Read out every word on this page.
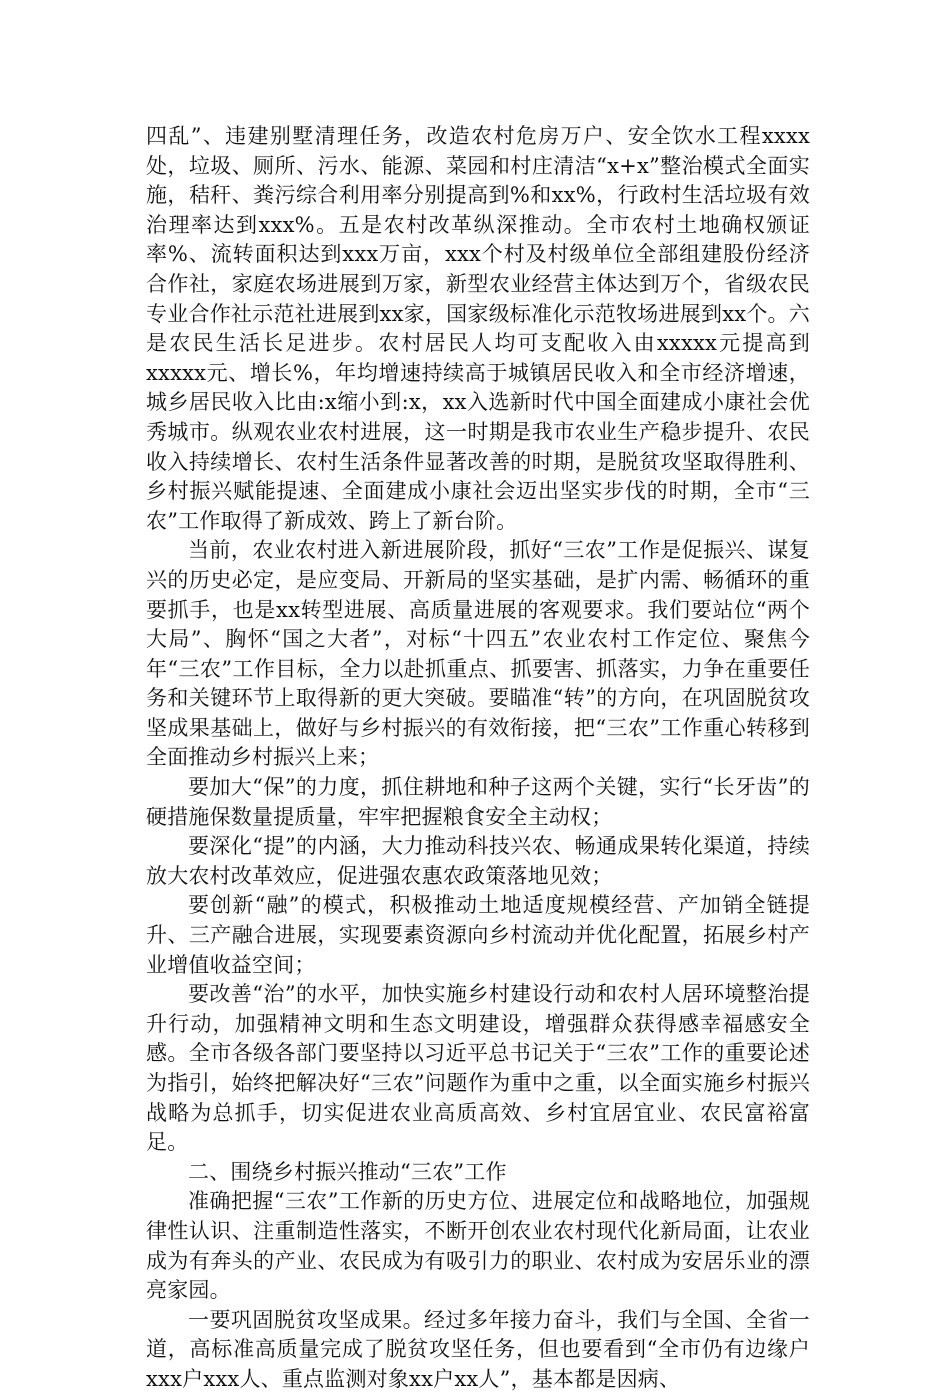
四乱”、违建别墅清理任务，改造农村危房万户、安全饮水工程xxxx处，垃圾、厕所、污水、能源、菜园和村庄清洁“x+x”整治模式全面实施，秸秆、粪污综合利用率分别提高到%和xx%，行政村生活垃圾有效治理率达到xxx%。五是农村改革纵深推动。全市农村土地确权颁证率%、流转面积达到xxx万亩，xxx个村及村级单位全部组建股份经济合作社，家庭农场进展到万家，新型农业经营主体达到万个，省级农民专业合作社示范社进展到xx家，国家级标准化示范牧场进展到xx个。六是农民生活长足进步。农村居民人均可支配收入由xxxxx元提高到xxxxx元、增长%，年均增速持续高于城镇居民收入和全市经济增速，城乡居民收入比由:x缩小到:x，xx入选新时代中国全面建成小康社会优秀城市。纵观农业农村进展，这一时期是我市农业生产稳步提升、农民收入持续增长、农村生活条件显著改善的时期，是脱贫攻坚取得胜利、乡村振兴赋能提速、全面建成小康社会迈出坚实步伐的时期，全市“三农”工作取得了新成效、跨上了新台阶。

当前，农业农村进入新进展阶段，抓好“三农”工作是促振兴、谋复兴的历史必定，是应变局、开新局的坚实基础，是扩内需、畅循环的重要抓手，也是xx转型进展、高质量进展的客观要求。我们要站位“两个大局”、胸怀“国之大者”，对标“十四五”农业农村工作定位、聚焦今年“三农”工作目标，全力以赴抓重点、抓要害、抓落实，力争在重要任务和关键环节上取得新的更大突破。要瞄准“转”的方向，在巩固脱贫攻坚成果基础上，做好与乡村振兴的有效衔接，把“三农”工作重心转移到全面推动乡村振兴上来；

要加大“保”的力度，抓住耕地和种子这两个关键，实行“长牙齿”的硬措施保数量提质量，牢牢把握粮食安全主动权；

要深化“提”的内涵，大力推动科技兴农、畅通成果转化渠道，持续放大农村改革效应，促进强农惠农政策落地见效；

要创新“融”的模式，积极推动土地适度规模经营、产加销全链提升、三产融合进展，实现要素资源向乡村流动并优化配置，拓展乡村产业增值收益空间；

要改善“治”的水平，加快实施乡村建设行动和农村人居环境整治提升行动，加强精神文明和生态文明建设，增强群众获得感幸福感安全感。全市各级各部门要坚持以习近平总书记关于“三农”工作的重要论述为指引，始终把解决好“三农”问题作为重中之重，以全面实施乡村振兴战略为总抓手，切实促进农业高质高效、乡村宜居宜业、农民富裕富足。

二、围绕乡村振兴推动“三农”工作

准确把握“三农”工作新的历史方位、进展定位和战略地位，加强规律性认识、注重制造性落实，不断开创农业农村现代化新局面，让农业成为有奔头的产业、农民成为有吸引力的职业、农村成为安居乐业的漂亮家园。

一要巩固脱贫攻坚成果。经过多年接力奋斗，我们与全国、全省一道，高标准高质量完成了脱贫攻坚任务，但也要看到“全市仍有边缘户xxx户xxx人、重点监测对象xx户xx人”，基本都是因病、
